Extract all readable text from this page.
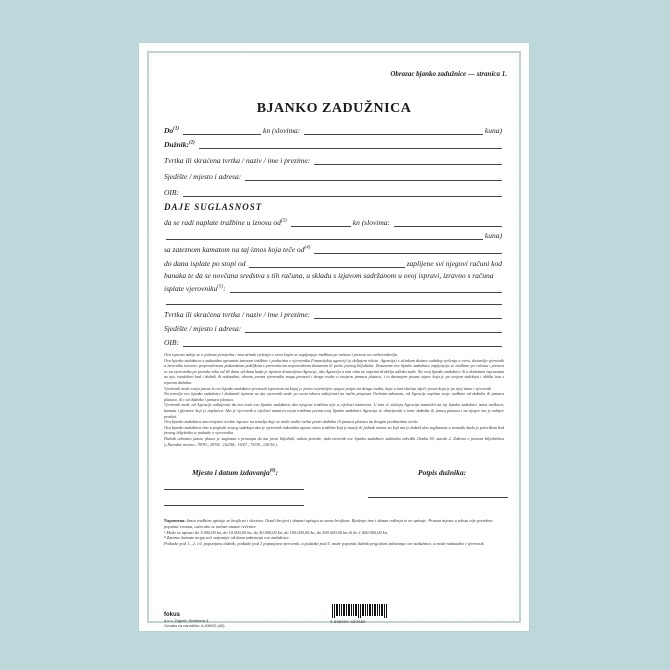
Obrazac bjanko zadužnice — stranica 1.
BJANKO ZADUŽNICA
Do$^{(1)}$	kn (slovima:	kuna)
Dužnik:$^{(2)}$
Tvrtka ili skraćena tvrtka / naziv / ime i prezime:
Sjedište / mjesto i adresa:
OIB:
DAJE SUGLASNOST
da se radi naplate tražbine u iznosu $od^{(3)}$	kn (slovima:
kuna)
sa zateznom kamatom na taj iznos koja teče $od^{(4)}$
do dana isplate po stopi od	zaplijene svi njegovi računi kod
banaka te da se novčana sredstva s tih računa, u skladu s izjavom sadržanom u ovoj ispravi, izravno s računa
isplate vjerovniku$^{(5)}$:
Tvrtka ili skraćena tvrtka / naziv / ime i prezime:
Sjedište / mjesto i adresa:
OIB:

Ova isprava izdaje se u jednom primjerku i ima učinak rješenja o ovrsi kojim se zapljenjuje tražbina po računu i prenosi na ovrhovoditelja.

Ova bjanko zadužnica s naknadno upisanim iznosom tražbine i podacima o vjerovniku Financijskoj agenciji (u daljnjem tekstu: Agencija) s učinkom distavе sudskog rješenja o ovrsi, dostavlja vjerovnik u izvorniku izravno, preporučenom poštanskom pošiljkom s povratnicom neposrednom dostavom ili preko javnog bilježnika. Dostavom ove bjanko zadužnice zapljenjuje se tražbina po računu i prenosi se na vjerovnika po proteku roka od 60 dana od dana kada je isprava dostavljena Agenciji, ako Agencija u tom roku ne zaprimi drukčiju odluku suda. Na ovoj bjanko zadužnici ili u dodatnim ispravama uz nju, istodobno kad i dužnik ili naknadno, obvezu prema vjerovniku mogu preuzeti i druge osobe u svojstvu jamaca platаca, i to davanjem pisane izjave koja je po svojem sadržaju i obliku ista s izjavom dužnika.

Vjerovnik može svoja prava iz ove bjanko zadužnice prenositi ispravom na kojoj je javno ovjerovljen njegov potpis na drugu osobu, koja u tom slučaju stječe prava koja je po njoj imao i vjerovnik.

Na temelju ove bjanko zadužnice i dodatnih isprava uz nju vjerovnik može po svom izboru zahtijevati na način propisan Ovršnim zakonom, od Agencije naplatu svoje tražbine od dužnika ili jamaca platаca, ili i od dužnika i jamaca platаca.

Vjerovnik može od Agencije zahtijevati da mu vrati ovu bjanko zadužnicu ako njegova tražbina nije u cijelosti namirena. U tom će slučaju Agencija naznačiti na toj bjanko zadužnici iznos troškova, kamata i glavnice koji je naplaćen. Ako je vjerovnik u cijelosti namiren svoju tražbinu prema ovoj bjanko zadužnici Agencija će obavijestiti o tome dužnika ili jamca platаca i na njegov mu je zahtjev predati.

Ova bjanko zadužnica ima svojstvo ovršne isprave na temelju koje se može tražiti ovrha protiv dužnika ili jamaca platаca na drugim predmetima ovrhe.

Ova bjanko zadužnica ima u pogledu svojeg sadržaja ako je vjerovnik naknadno upisao iznos tražbine koji je manji ili jednak onome za koji mu je dužnik dao suglasnost u trenutku kada je potvrđena kod javnog bilježnika te podatke o vjerovniku.

Dužnik odnosno jamac platac je suglasan s prostupa da mu javni bilježnik, nakon potvrde, izda izvornik ove bjanko zadužnice sukladno odredbi članka 50, stavak 2. Zakona o javnom bilježništvu (»Narodne novine« 78/93., 29/94., 162/98., 16/07., 75/09., 120/16.).

Mjesto i datum izdavanja$^{(6)}$:	Potpis dužnika:
Napomena: Iznos tražbine upisuje se brojkom i slovima. Ostali brojevi i datumi upisuju se samo brojkom. Rješenje ime i datum rođenja te ne upisuje. Prazna mjesta u tekstu nije potrebno popuniti crtama, osim ako se nalaze unutar rečenice
¹ Može se upisati do 5.000,00 kn, do 10.000,00 kn, do 50.000,00 kn, do 100.000,00 kn, do 500.000,00 kn ili do 1.000.000,00 kn.
⁴ Zatezne kamate mogu teći najranije od dana izdavanja ove zadužnice.
Podatke pod 1., 2. i 6. popunjava dužnik; podatke pod 3 popunjava vjerovnik, a podatke pod 5. može popuniti dužnik prigodom izdavanja ove zadužnice, a može naknadno i vjerovnik.
fokus
d.o.o. Zagreb, Krešićeva 4
Oznaka za narudžbu: A-636/02 (A5)
3 856000 450060
